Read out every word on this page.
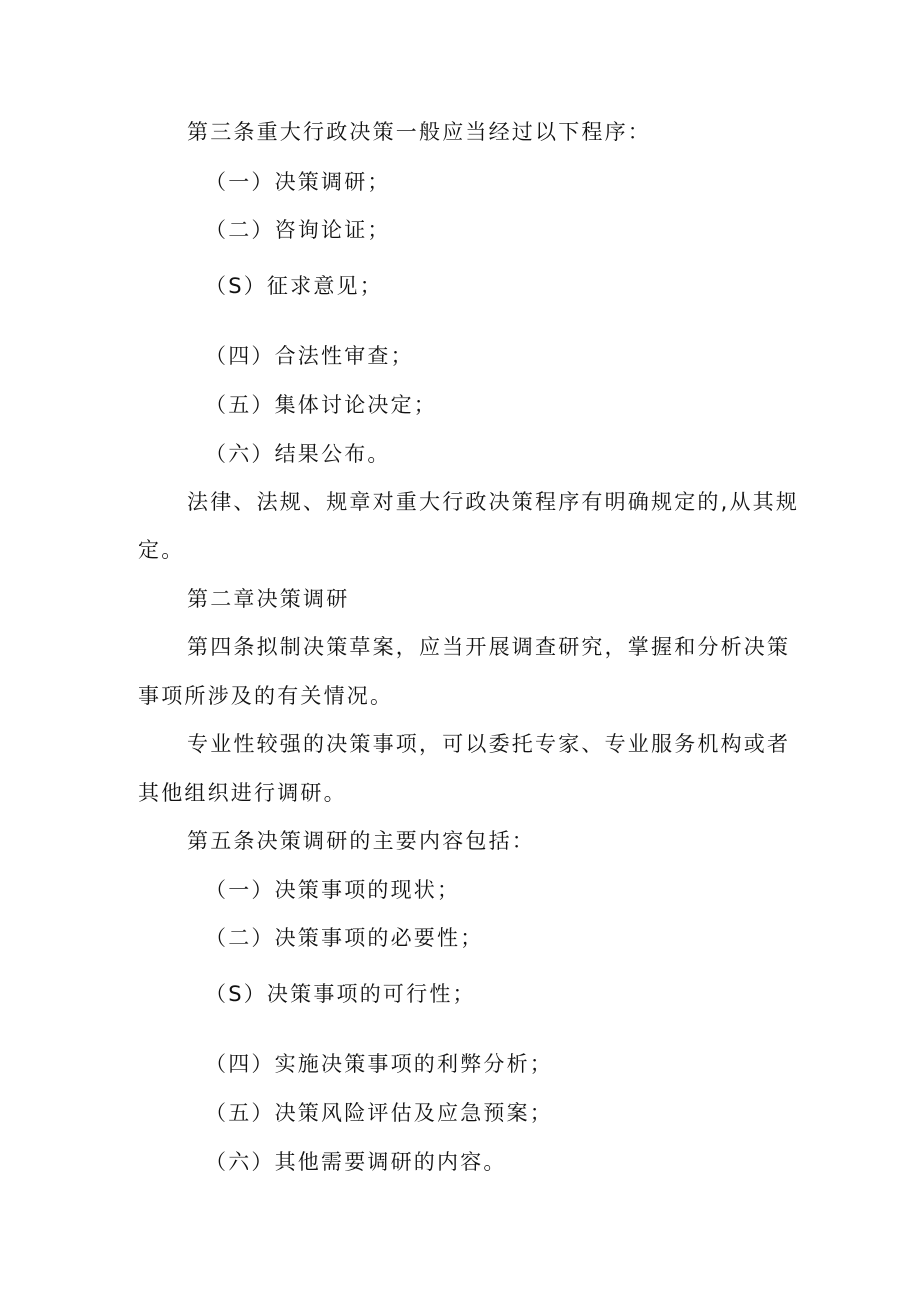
第三条重大行政决策一般应当经过以下程序：
（一）决策调研；
（二）咨询论证；
（S）征求意见；
（四）合法性审查；
（五）集体讨论决定；
（六）结果公布。
法律、法规、规章对重大行政决策程序有明确规定的,从其规
定。
第二章决策调研
第四条拟制决策草案，应当开展调查研究，掌握和分析决策
事项所涉及的有关情况。
专业性较强的决策事项，可以委托专家、专业服务机构或者
其他组织进行调研。
第五条决策调研的主要内容包括：
（一）决策事项的现状；
（二）决策事项的必要性；
（S）决策事项的可行性；
（四）实施决策事项的利弊分析；
（五）决策风险评估及应急预案；
（六）其他需要调研的内容。
